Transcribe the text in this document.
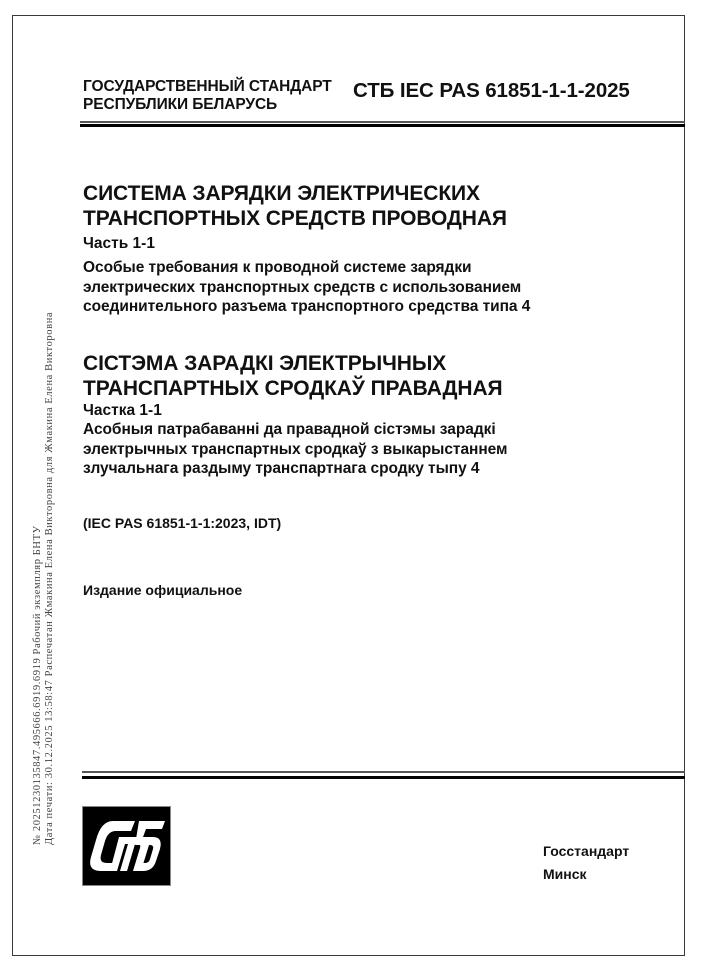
ГОСУДАРСТВЕННЫЙ СТАНДАРТ
РЕСПУБЛИКИ БЕЛАРУСЬ
СТБ IEC PAS 61851-1-1-2025
СИСТЕМА ЗАРЯДКИ ЭЛЕКТРИЧЕСКИХ
ТРАНСПОРТНЫХ СРЕДСТВ ПРОВОДНАЯ
Часть 1-1
Особые требования к проводной системе зарядки
электрических транспортных средств с использованием
соединительного разъема транспортного средства типа 4
СІСТЭМА ЗАРАДКІ ЭЛЕКТРЫЧНЫХ
ТРАНСПАРТНЫХ СРОДКАЎ ПРАВАДНАЯ
Частка 1-1
Асобныя патрабаванні да правадной сістэмы зарадкі
электрычных транспартных сродкаў з выкарыстаннем
злучальнага раздыму транспартнага сродку тыпу 4
(IEC PAS 61851-1-1:2023, IDT)
Издание официальное
№ 20251230135847.495666.6919.6919 Рабочий экземпляр БНТУ Дата печати: 30.12.2025 13:58:47 Распечатан Жмакина Елена Викторовна для Жмакина Елена Викторовна
Госстандарт
Минск
